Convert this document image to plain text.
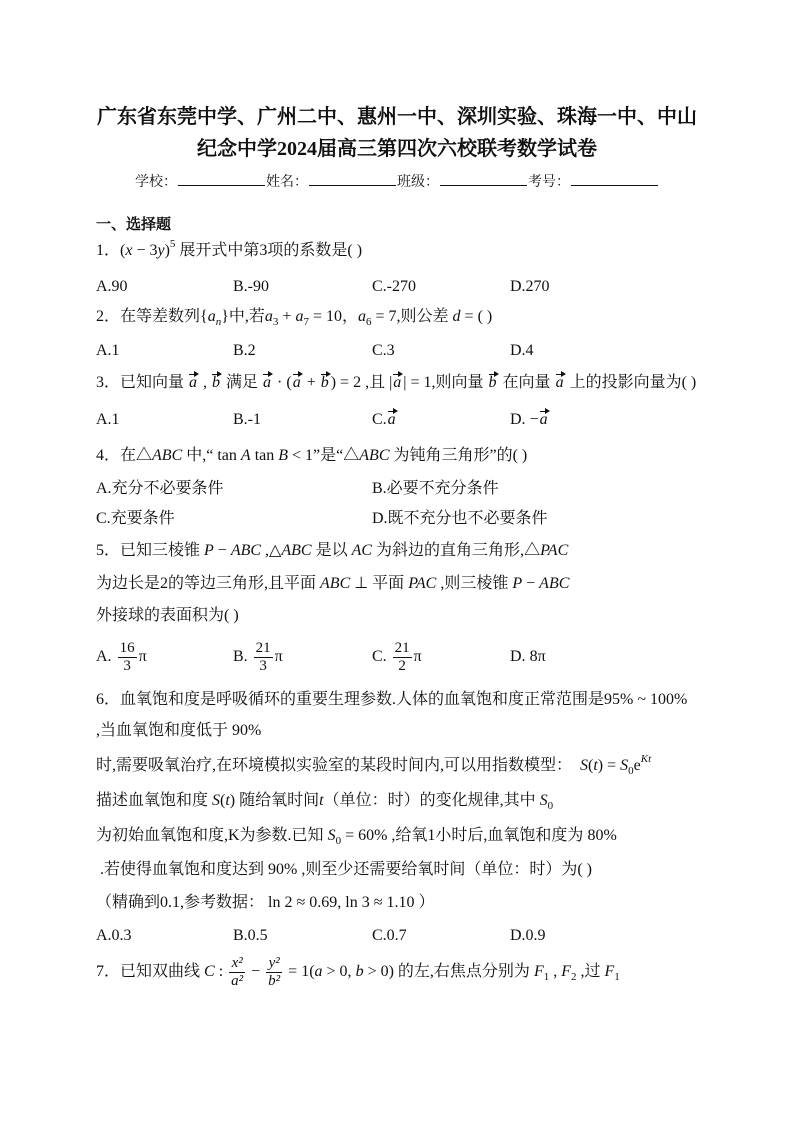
广东省东莞中学、广州二中、惠州一中、深圳实验、珠海一中、中山
纪念中学2024届高三第四次六校联考数学试卷
学校：	姓名：	班级：	考号：
一、选择题
1．$(x - 3y)^5$ 展开式中第3项的系数是( )
A.90	B.-90	C.-270	D.270
2．在等差数列$\{a_n\}$中,若$a_3 + a_7 = 10$，$a_6 = 7$,则公差 d = ( )
A.1	B.2	C.3	D.4
3．已知向量 a , b 满足 a · (a + b ) = 2 ,且 |a | = 1,则向量 b 在向量 a 上的投影向量为( )
A.1	B.-1	C.a	D. −a
4．在△ABC 中,“ tan A tan B < 1”是“△ABC 为钝角三角形”的( )
A.充分不必要条件	B.必要不充分条件
C.充要条件	D.既不充分也不必要条件
5．已知三棱锥 P − ABC ,△ABC 是以 AC 为斜边的直角三角形,△PAC
为边长是2的等边三角形,且平面 ABC ⊥ 平面 PAC ,则三棱锥 P − ABC
外接球的表面积为( )
A. $\frac{16}{3}$ π	B. $\frac{21}{3}$ π	C. $\frac{21}{2}$ π	D. 8π
6．血氧饱和度是呼吸循环的重要生理参数.人体的血氧饱和度正常范围是95% ~ 100%
,当血氧饱和度低于 90%
时,需要吸氧治疗,在环境模拟实验室的某段时间内,可以用指数模型：  $S(t) = S_0e^{Kt}$
描述血氧饱和度 S(t) 随给氧时间t（单位：时）的变化规律,其中 $S_0$
为初始血氧饱和度,K为参数.已知 $S_0 = 60\%$ ,给氧1小时后,血氧饱和度为 80%
.若使得血氧饱和度达到 90% ,则至少还需要给氧时间（单位：时）为( )
（精确到0.1,参考数据： ln 2 ≈ 0.69, ln 3 ≈ 1.10 ）
A.0.3	B.0.5	C.0.7	D.0.9
7．已知双曲线 C : $\frac{\text{x²}}{\text{a²}} - \frac{\text{y²}}{\text{b²}} = 1(a > 0$, b > 0) 的左,右焦点分别为 $F_1$ , $F_2$ ,过 $F_1$
